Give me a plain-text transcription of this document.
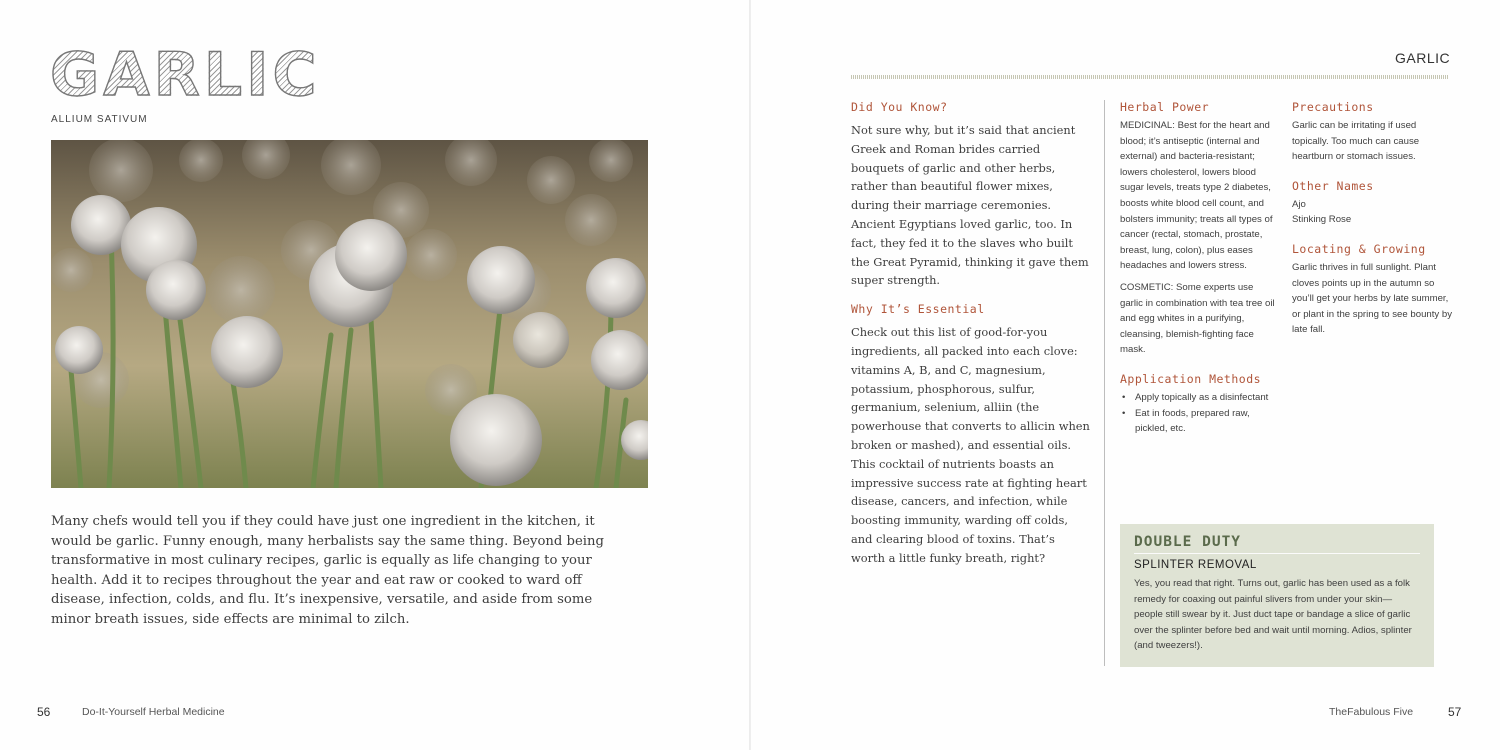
GARLIC
ALLIUM SATIVUM

Many chefs would tell you if they could have just one ingredient in the kitchen, it would be garlic. Funny enough, many herbalists say the same thing. Beyond being transformative in most culinary recipes, garlic is equally as life changing to your health. Add it to recipes throughout the year and eat raw or cooked to ward off disease, infection, colds, and flu. It’s inexpensive, versatile, and aside from some minor breath issues, side effects are minimal to zilch.

56	Do-It-Yourself Herbal Medicine
GARLIC
Did You Know?

Not sure why, but it’s said that ancient Greek and Roman brides carried bouquets of garlic and other herbs, rather than beautiful flower mixes, during their marriage ceremonies. Ancient Egyptians loved garlic, too. In fact, they fed it to the slaves who built the Great Pyramid, thinking it gave them super strength.

Why It’s Essential

Check out this list of good-for-you ingredients, all packed into each clove: vitamins A, B, and C, magnesium, potassium, phosphorous, sulfur, germanium, selenium, alliin (the powerhouse that converts to allicin when broken or mashed), and essential oils. This cocktail of nutrients boasts an impressive success rate at fighting heart disease, cancers, and infection, while boosting immunity, warding off colds, and clearing blood of toxins. That’s worth a little funky breath, right?

Herbal Power
MEDICINAL: Best for the heart and blood; it’s antiseptic (internal and external) and bacteria-resistant; lowers cholesterol, lowers blood sugar levels, treats type 2 diabetes, boosts white blood cell count, and bolsters immunity; treats all types of cancer (rectal, stomach, prostate, breast, lung, colon), plus eases headaches and lowers stress.
COSMETIC: Some experts use garlic in combination with tea tree oil and egg whites in a purifying, cleansing, blemish-fighting face mask.
Application Methods
• Apply topically as a disinfectant
• Eat in foods, prepared raw, pickled, etc.
Precautions
Garlic can be irritating if used topically. Too much can cause heartburn or stomach issues.
Other Names
Ajo
Stinking Rose
Locating & Growing
Garlic thrives in full sunlight. Plant cloves points up in the autumn so you’ll get your herbs by late summer, or plant in the spring to see bounty by late fall.
DOUBLE DUTY
SPLINTER REMOVAL
Yes, you read that right. Turns out, garlic has been used as a folk remedy for coaxing out painful slivers from under your skin—people still swear by it. Just duct tape or bandage a slice of garlic over the splinter before bed and wait until morning. Adios, splinter (and tweezers!).
TheFabulous Five	57
